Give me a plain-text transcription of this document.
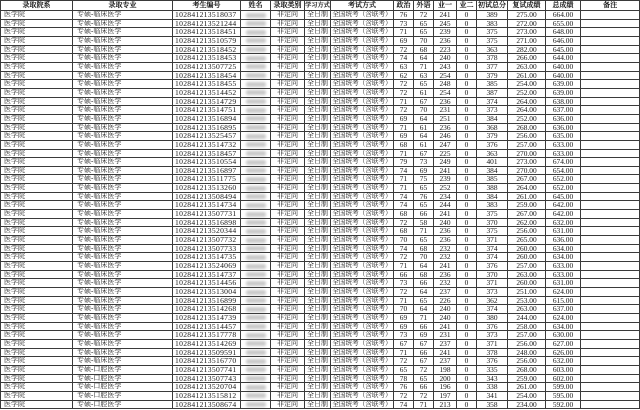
录取院系	录取专业	考生编号	姓名	录取类别 学习方式	考试方式	政治 外语	业一	业二 初试总分 复试成绩	总成绩	备注
医学院	专硕-临床医学	102841213518037	非定向	全日制 全国统考（含联考）	76	72	241	0	389	275.00	664.00
医学院	专硕-临床医学	102841213521244	非定向	全日制 全国统考（含联考）	73	65	245	0	383	272.00	655.00
医学院	专硕-临床医学	102841213518451	非定向	全日制 全国统考（含联考）	71	65	239	0	375	273.00	648.00
医学院	专硕-临床医学	102841213510579	非定向	全日制 全国统考（含联考）	69	70	236	0	375	271.00	646.00
医学院	专硕-临床医学	102841213518452	非定向	全日制 全国统考（含联考）	72	68	223	0	363	282.00	645.00
医学院	专硕-临床医学	102841213518453	非定向	全日制 全国统考（含联考）	74	64	240	0	378	266.00	644.00
医学院	专硕-临床医学	102841213507725	非定向	全日制 全国统考（含联考）	63	71	243	0	377	263.00	640.00
医学院	专硕-临床医学	102841213518454	非定向	全日制 全国统考（含联考）	62	63	254	0	379	261.00	640.00
医学院	专硕-临床医学	102841213518455	非定向	全日制 全国统考（含联考）	72	65	248	0	385	254.00	639.00
医学院	专硕-临床医学	102841213514452	非定向	全日制 全国统考（含联考）	72	61	254	0	387	252.00	639.00
医学院	专硕-临床医学	102841213514729	非定向	全日制 全国统考（含联考）	71	67	236	0	374	264.00	638.00
医学院	专硕-临床医学	102841213514751	非定向	全日制 全国统考（含联考）	72	70	231	0	373	264.00	637.00
医学院	专硕-临床医学	102841213516894	非定向	全日制 全国统考（含联考）	69	64	251	0	384	252.00	636.00
医学院	专硕-临床医学	102841213516895	非定向	全日制 全国统考（含联考）	71	61	236	0	368	268.00	636.00
医学院	专硕-临床医学	102841213525457	非定向	全日制 全国统考（含联考）	69	64	246	0	379	256.00	635.00
医学院	专硕-临床医学	102841213514732	非定向	全日制 全国统考（含联考）	68	61	247	0	376	257.00	633.00
医学院	专硕-临床医学	102841213518457	非定向	全日制 全国统考（含联考）	71	67	225	0	363	270.00	633.00
医学院	专硕-临床医学	102841213510554	非定向	全日制 全国统考（含联考）	79	73	249	0	401	273.00	674.00
医学院	专硕-临床医学	102841213516897	非定向	全日制 全国统考（含联考）	74	69	241	0	384	270.00	654.00
医学院	专硕-临床医学	102841213511775	非定向	全日制 全国统考（含联考）	71	75	239	0	385	267.00	652.00
医学院	专硕-临床医学	102841213513260	非定向	全日制 全国统考（含联考）	71	65	252	0	388	264.00	652.00
医学院	专硕-临床医学	102841213508494	非定向	全日制 全国统考（含联考）	74	76	234	0	384	261.00	645.00
医学院	专硕-临床医学	102841213514734	非定向	全日制 全国统考（含联考）	74	65	244	0	383	259.00	642.00
医学院	专硕-临床医学	102841213507731	非定向	全日制 全国统考（含联考）	68	66	241	0	375	267.00	642.00
医学院	专硕-临床医学	102841213516898	非定向	全日制 全国统考（含联考）	72	58	240	0	370	262.00	632.00
医学院	专硕-临床医学	102841213520344	非定向	全日制 全国统考（含联考）	68	71	236	0	375	256.00	631.00
医学院	专硕-临床医学	102841213507732	非定向	全日制 全国统考（含联考）	70	65	236	0	371	265.00	636.00
医学院	专硕-临床医学	102841213507733	非定向	全日制 全国统考（含联考）	74	68	232	0	374	260.00	634.00
医学院	专硕-临床医学	102841213514735	非定向	全日制 全国统考（含联考）	72	70	232	0	374	260.00	634.00
医学院	专硕-临床医学	102841213524069	非定向	全日制 全国统考（含联考）	71	64	241	0	376	257.00	633.00
医学院	专硕-临床医学	102841213514737	非定向	全日制 全国统考（含联考）	66	68	236	0	370	263.00	633.00
医学院	专硕-临床医学	102841213514456	非定向	全日制 全国统考（含联考）	73	66	232	0	371	260.00	631.00
医学院	专硕-临床医学	102841213513004	非定向	全日制 全国统考（含联考）	72	64	237	0	373	251.00	624.00
医学院	专硕-临床医学	102841213516899	非定向	全日制 全国统考（含联考）	71	65	226	0	362	253.00	615.00
医学院	专硕-临床医学	102841213514268	非定向	全日制 全国统考（含联考）	70	64	240	0	374	263.00	637.00
医学院	专硕-临床医学	102841213514739	非定向	全日制 全国统考（含联考）	69	71	240	0	380	244.00	624.00
医学院	专硕-临床医学	102841213514457	非定向	全日制 全国统考（含联考）	69	66	241	0	376	258.00	634.00
医学院	专硕-临床医学	102841213517778	非定向	全日制 全国统考（含联考）	73	69	231	0	373	257.00	630.00
医学院	专硕-临床医学	102841213514269	非定向	全日制 全国统考（含联考）	67	67	237	0	371	256.00	627.00
医学院	专硕-临床医学	102841213509591	非定向	全日制 全国统考（含联考）	71	66	241	0	378	248.00	626.00
医学院	专硕-临床医学	102841213516770	非定向	全日制 全国统考（含联考）	72	67	237	0	376	256.00	632.00
医学院	专硕-口腔医学	102841213507741	非定向	全日制 全国统考（含联考）	65	72	198	0	335	268.00	603.00
医学院	专硕-口腔医学	102841213507743	非定向	全日制 全国统考（含联考）	78	65	200	0	343	259.00	602.00
医学院	专硕-口腔医学	102841213520704	非定向	全日制 全国统考（含联考）	76	66	196	0	338	261.00	599.00
医学院	专硕-口腔医学	102841213515812	非定向	全日制 全国统考（含联考）	72	72	197	0	341	254.00	595.00
医学院	专硕-口腔医学	102841213508674	非定向	全日制 全国统考（含联考）	74	71	213	0	358	234.00	592.00
